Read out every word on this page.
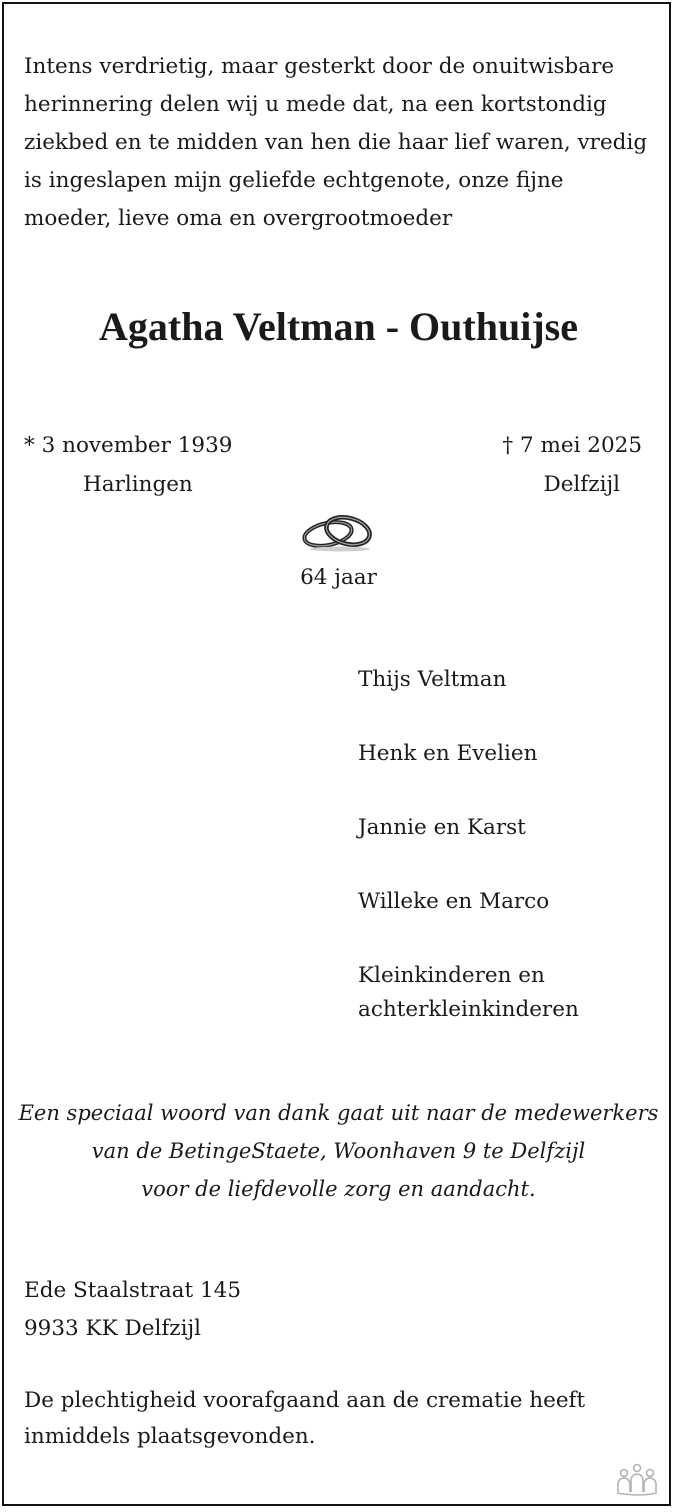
Intens verdrietig, maar gesterkt door de onuitwisbare herinnering delen wij u mede dat, na een kortstondig ziekbed en te midden van hen die haar lief waren, vredig is ingeslapen mijn geliefde echtgenote, onze fijne moeder, lieve oma en overgrootmoeder

Agatha Veltman - Outhuijse
* 3 november 1939
Harlingen
† 7 mei 2025
Delfzijl
64 jaar
Thijs Veltman
Henk en Evelien
Jannie en Karst
Willeke en Marco
Kleinkinderen en achterkleinkinderen
Een speciaal woord van dank gaat uit naar de medewerkers
van de BetingeStaete, Woonhaven 9 te Delfzijl
voor de liefdevolle zorg en aandacht.
Ede Staalstraat 145
9933 KK Delfzijl
De plechtigheid voorafgaand aan de crematie heeft inmiddels plaatsgevonden.
